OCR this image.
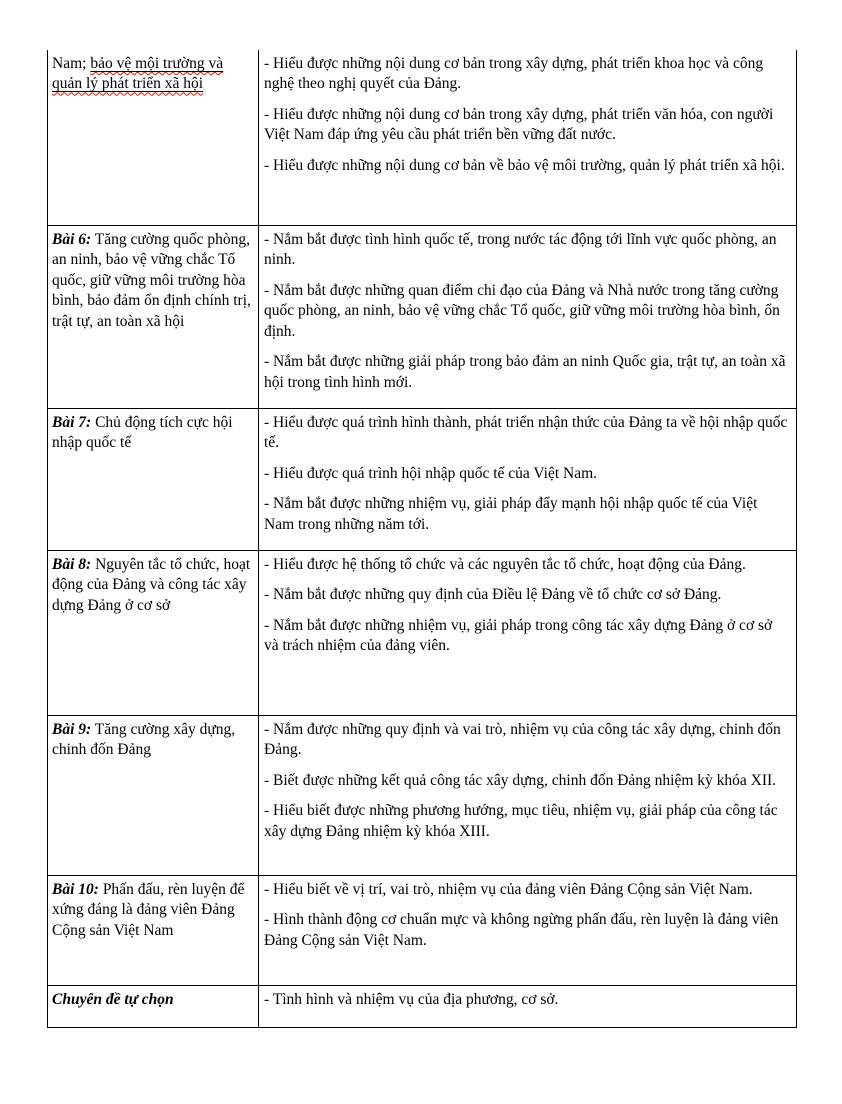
Nam; bảo vệ mội trường và quản lý phát triển xã hội

- Hiểu được những nội dung cơ bản trong xây dựng, phát triển khoa học và công nghệ theo nghị quyết của Đảng.

- Hiểu được những nội dung cơ bản trong xây dựng, phát triển văn hóa, con người Việt Nam đáp ứng yêu cầu phát triển bền vững đất nước.

- Hiểu được những nội dung cơ bản về bảo vệ môi trường, quản lý phát triển xã hội.

Bài 6: Tăng cường quốc phòng, an ninh, bảo vệ vững chắc Tổ quốc, giữ vững môi trường hòa bình, bảo đảm ổn định chính trị, trật tự, an toàn xã hội

- Nắm bắt được tình hình quốc tế, trong nước tác động tới lĩnh vực quốc phòng, an ninh.

- Nắm bắt được những quan điểm chi đạo của Đảng và Nhà nước trong tăng cường quốc phòng, an ninh, bảo vệ vững chắc Tổ quốc, giữ vững môi trường hòa bình, ổn định.

- Nắm bắt được những giải pháp trong bảo đảm an ninh Quốc gia, trật tự, an toàn xã hội trong tình hình mới.

Bài 7: Chủ động tích cực hội nhập quốc tế

- Hiểu được quá trình hình thành, phát triển nhận thức của Đảng ta về hội nhập quốc tế.

- Hiểu được quá trình hội nhập quốc tế của Việt Nam.

- Nắm bắt được những nhiệm vụ, giải pháp đẩy mạnh hội nhập quốc tế của Việt Nam trong những năm tới.

Bài 8: Nguyên tắc tổ chức, hoạt động của Đảng và công tác xây dựng Đảng ở cơ sở

- Hiểu được hệ thống tổ chức và các nguyên tắc tổ chức, hoạt động của Đảng.

- Nắm bắt được những quy định của Điều lệ Đảng về tổ chức cơ sở Đảng.

- Nắm bắt được những nhiệm vụ, giải pháp trong công tác xây dựng Đảng ở cơ sở và trách nhiệm của đảng viên.

Bài 9: Tăng cường xây dựng, chinh đốn Đảng

- Nắm được những quy định và vai trò, nhiệm vụ của công tác xây dựng, chinh đốn Đảng.

- Biết được những kết quả công tác xây dựng, chinh đốn Đảng nhiệm kỳ khóa XII.

- Hiểu biết được những phương hướng, mục tiêu, nhiệm vụ, giải pháp của công tác xây dựng Đảng nhiệm kỳ khóa XIII.

Bài 10: Phấn đấu, rèn luyện để xứng đáng là đảng viên Đảng Cộng sản Việt Nam

- Hiểu biết về vị trí, vai trò, nhiệm vụ của đảng viên Đảng Cộng sản Việt Nam.

- Hình thành động cơ chuẩn mực và không ngừng phấn đấu, rèn luyện là đảng viên Đảng Cộng sản Việt Nam.

Chuyên đề tự chọn	- Tình hình và nhiệm vụ của địa phương, cơ sở.
